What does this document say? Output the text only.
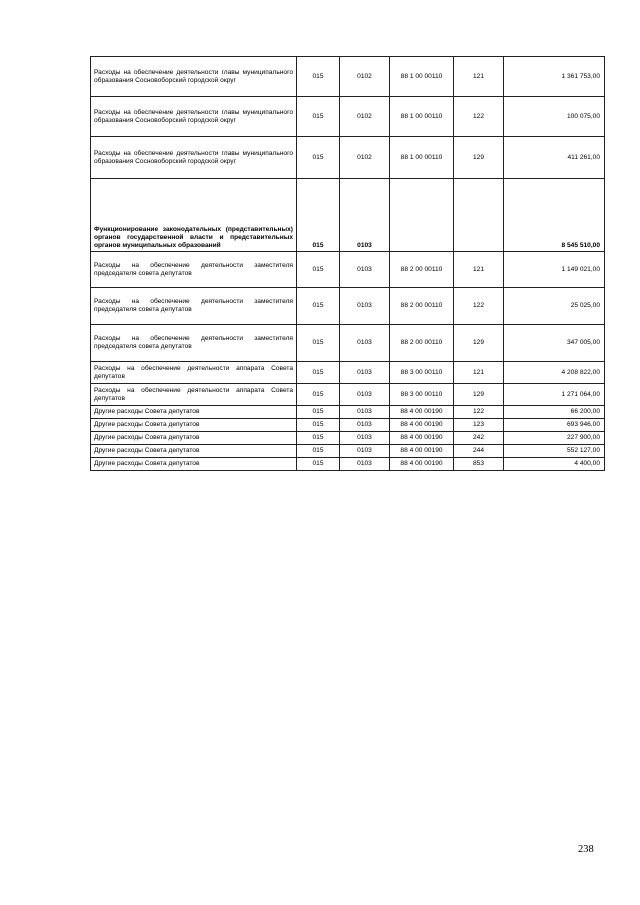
Расходы на обеспечение деятельности главы муниципального образования Сосновоборский городской округ	015	0102	88 1 00 00110	121	1 361 753,00
Расходы на обеспечение деятельности главы муниципального образования Сосновоборский городской округ	015	0102	88 1 00 00110	122	100 075,00
Расходы на обеспечение деятельности главы муниципального образования Сосновоборский городской округ	015	0102	88 1 00 00110	129	411 261,00
Функционирование законодательных (представительных) органов государственной власти и представительных органов муниципальных образований	015	0103			8 545 510,00
Расходы на обеспечение деятельности заместителя председателя совета депутатов	015	0103	88 2 00 00110	121	1 149 021,00
Расходы на обеспечение деятельности заместителя председателя совета депутатов	015	0103	88 2 00 00110	122	25 025,00
Расходы на обеспечение деятельности заместителя председателя совета депутатов	015	0103	88 2 00 00110	129	347 005,00
Расходы на обеспечение деятельности аппарата Совета депутатов	015	0103	88 3 00 00110	121	4 208 822,00
Расходы на обеспечение деятельности аппарата Совета депутатов	015	0103	88 3 00 00110	129	1 271 064,00
Другие расходы Совета депутатов	015	0103	88 4 00 00190	122	66 200,00
Другие расходы Совета депутатов	015	0103	88 4 00 00190	123	693 946,00
Другие расходы Совета депутатов	015	0103	88 4 00 00190	242	227 900,00
Другие расходы Совета депутатов	015	0103	88 4 00 00190	244	552 127,00
Другие расходы Совета депутатов	015	0103	88 4 00 00190	853	4 400,00
238
